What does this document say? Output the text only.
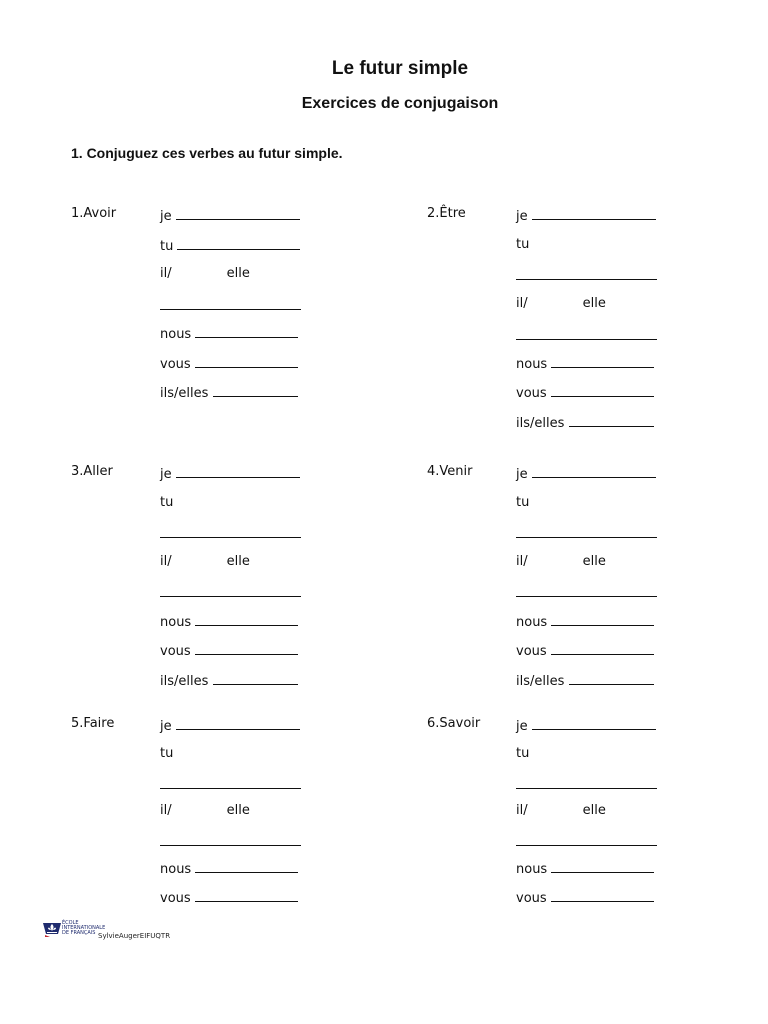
Le futur simple
Exercices de conjugaison
1. Conjuguez ces verbes au futur simple.
1.Avoir	je
tu
il/	elle
nous
vous
ils/elles
2.Être	je
tu
il/	elle
nous
vous
ils/elles
3.Aller	je
tu
il/	elle
nous
vous
ils/elles
4.Venir	je
tu
il/	elle
nous
vous
ils/elles
5.Faire	je
tu
il/	elle
nous
vous
6.Savoir	je
tu
il/	elle
nous
vous
ÉCOLE
INTERNATIONALE
DE FRANÇAIS SylvieAugerEIFUQTR
